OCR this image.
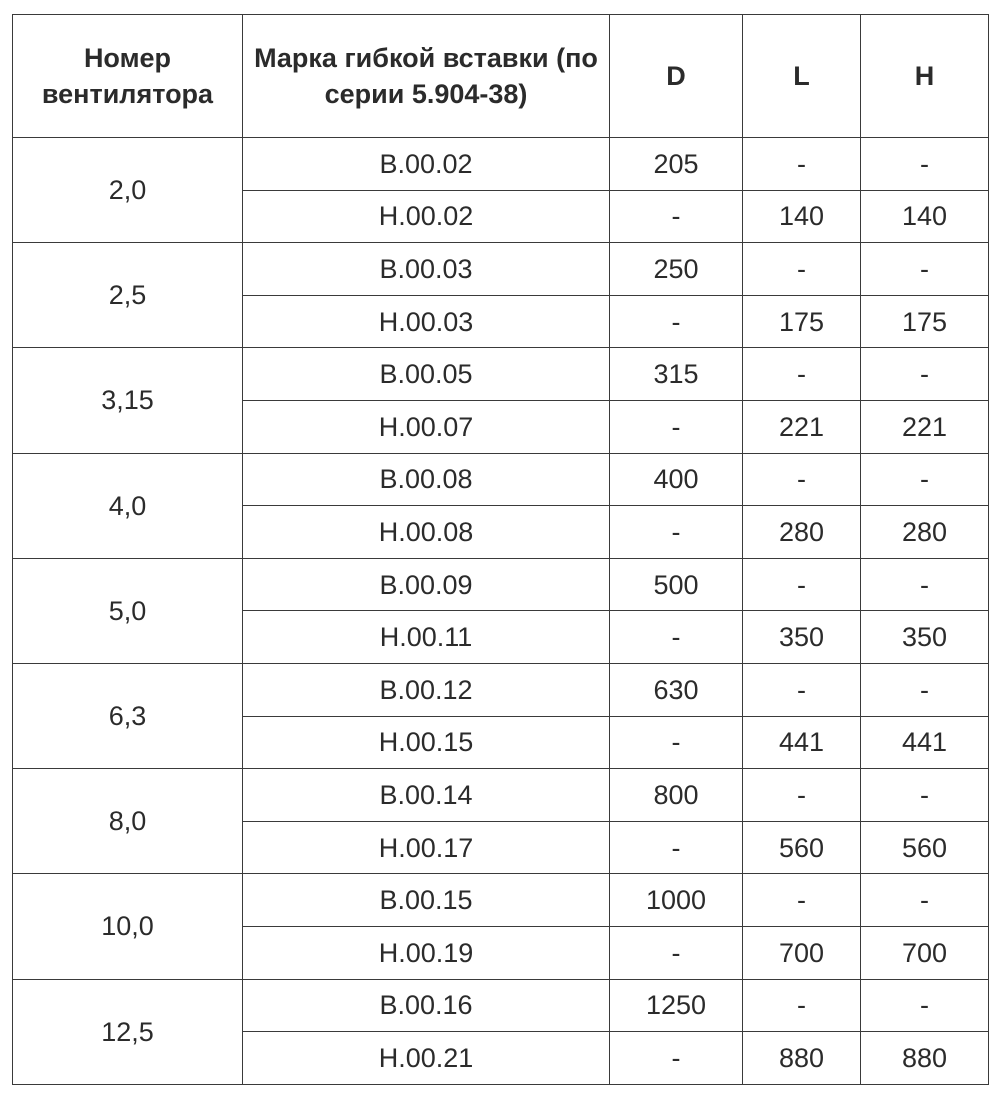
Номер вентилятора	Марка гибкой вставки (по серии 5.904-38)	D	L	H
2,0	В.00.02	205	-	-
	Н.00.02	-	140	140
2,5	В.00.03	250	-	-
	Н.00.03	-	175	175
3,15	В.00.05	315	-	-
	Н.00.07	-	221	221
4,0	В.00.08	400	-	-
	Н.00.08	-	280	280
5,0	В.00.09	500	-	-
	Н.00.11	-	350	350
6,3	В.00.12	630	-	-
	Н.00.15	-	441	441
8,0	В.00.14	800	-	-
	Н.00.17	-	560	560
10,0	В.00.15	1000	-	-
	Н.00.19	-	700	700
12,5	В.00.16	1250	-	-
	Н.00.21	-	880	880
